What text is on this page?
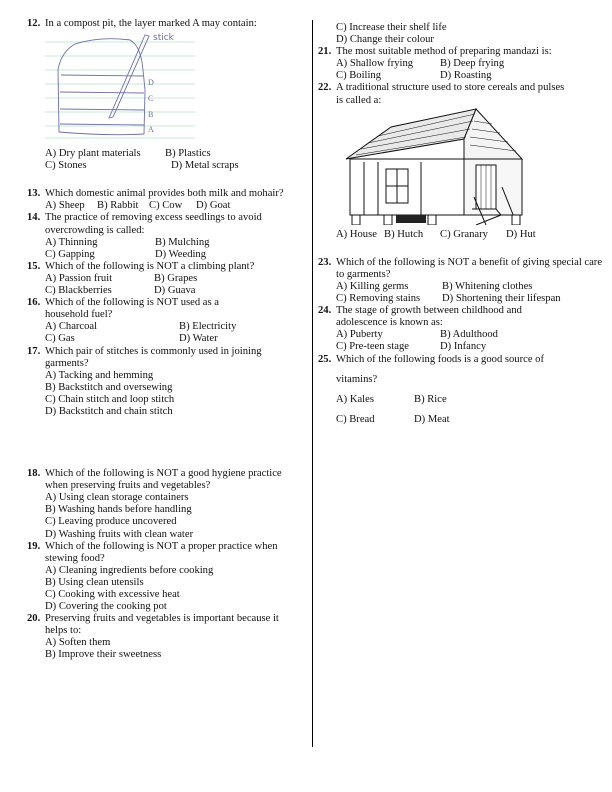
12. In a compost pit, the layer marked A may contain:
stick
D
C
B
A
A) Dry plant materials	B) Plastics
C) Stones	D) Metal scraps
13. Which domestic animal provides both milk and mohair?
A) Sheep	B) Rabbit C) Cow	D) Goat
14. The practice of removing excess seedlings to avoid overcrowding is called:
A) Thinning	B) Mulching
C) Gapping	D) Weeding
15. Which of the following is NOT a climbing plant?
A) Passion fruit	B) Grapes
C) Blackberries	D) Guava
16. Which of the following is NOT used as a household fuel?
A) Charcoal	B) Electricity
C) Gas	D) Water
17. Which pair of stitches is commonly used in joining garments?
A) Tacking and hemming
B) Backstitch and oversewing
C) Chain stitch and loop stitch
D) Backstitch and chain stitch
18. Which of the following is NOT a good hygiene practice when preserving fruits and vegetables?
A) Using clean storage containers
B) Washing hands before handling
C) Leaving produce uncovered
D) Washing fruits with clean water
19. Which of the following is NOT a proper practice when stewing food?
A) Cleaning ingredients before cooking
B) Using clean utensils
C) Cooking with excessive heat
D) Covering the cooking pot
20. Preserving fruits and vegetables is important because it helps to:
A) Soften them
B) Improve their sweetness
C) Increase their shelf life
D) Change their colour
21. The most suitable method of preparing mandazi is:
A) Shallow frying	B) Deep frying
C) Boiling	D) Roasting
22. A traditional structure used to store cereals and pulses is called a:
A) House B) Hutch	C) Granary	D) Hut
23. Which of the following is NOT a benefit of giving special care to garments?
A) Killing germs	B) Whitening clothes
C) Removing stains	D) Shortening their lifespan
24. The stage of growth between childhood and adolescence is known as:
A) Puberty	B) Adulthood
C) Pre-teen stage	D) Infancy
25. Which of the following foods is a good source of
vitamins?
A) Kales	B) Rice
C) Bread	D) Meat
